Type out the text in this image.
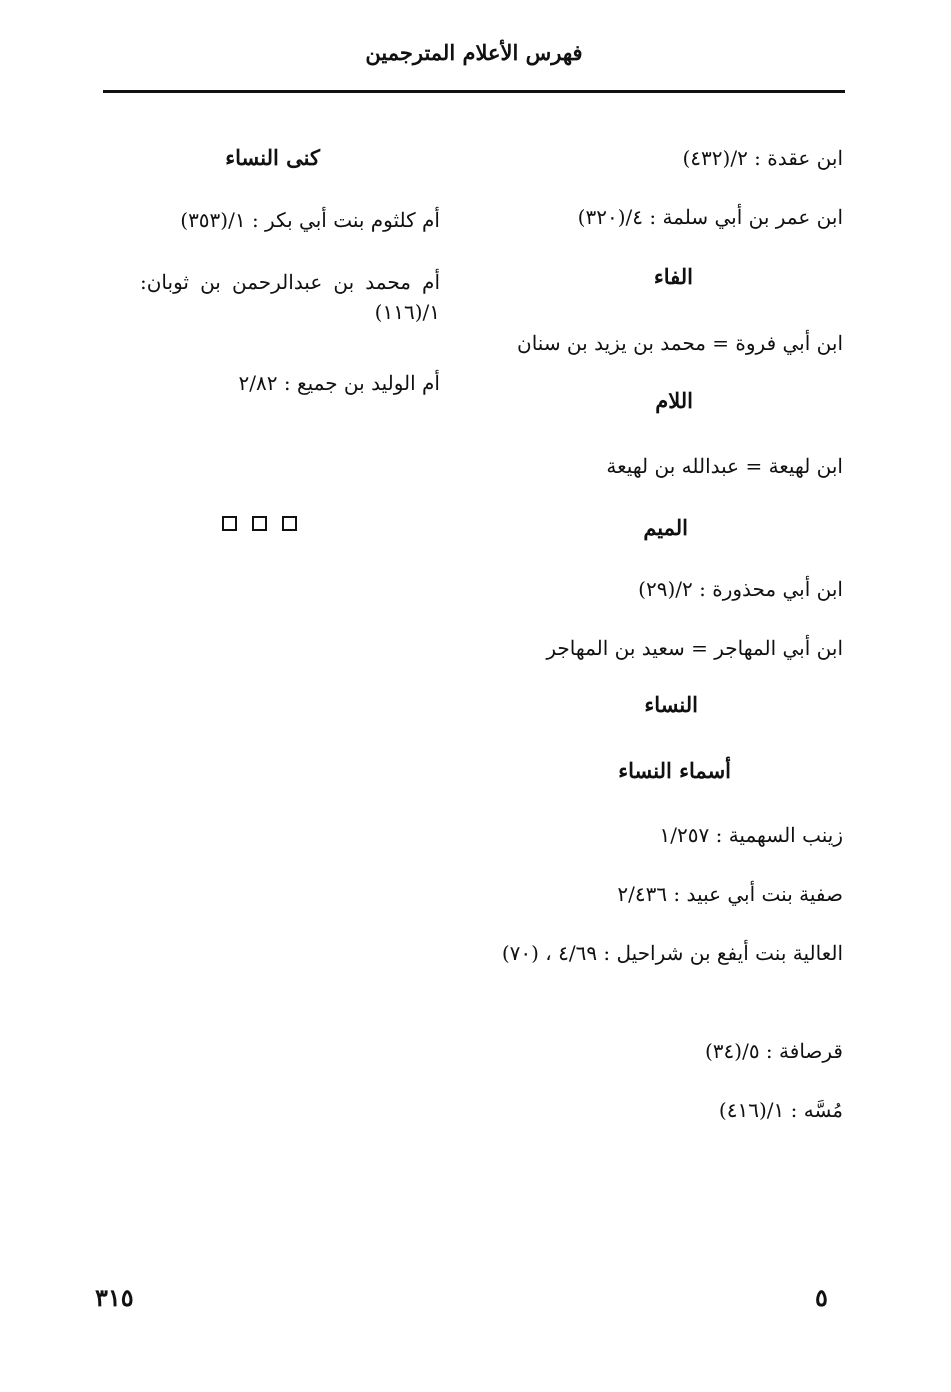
فهرس الأعلام المترجمين
ابن عقدة : ٢/(٤٣٢)
ابن عمر بن أبي سلمة : ٤/(٣٢٠)
الفاء
ابن أبي فروة = محمد بن يزيد بن سنان
اللام
ابن لهيعة = عبدالله بن لهيعة
الميم
ابن أبي محذورة : ٢/(٢٩)
ابن أبي المهاجر = سعيد بن المهاجر
النساء
أسماء النساء
زينب السهمية : ١/٢٥٧
صفية بنت أبي عبيد : ٢/٤٣٦
العالية بنت أيفع بن شراحيل : ٤/٦٩ ، (٧٠)
قرصافة : ٥/(٣٤)
مُسَّه : ١/(٤١٦)
كنى النساء
أم كلثوم بنت أبي بكر : ١/(٣٥٣)
أم محمد بن عبدالرحمن بن ثوبان: ١/(١١٦)
أم الوليد بن جميع : ٢/٨٢
٣١٥	٥
